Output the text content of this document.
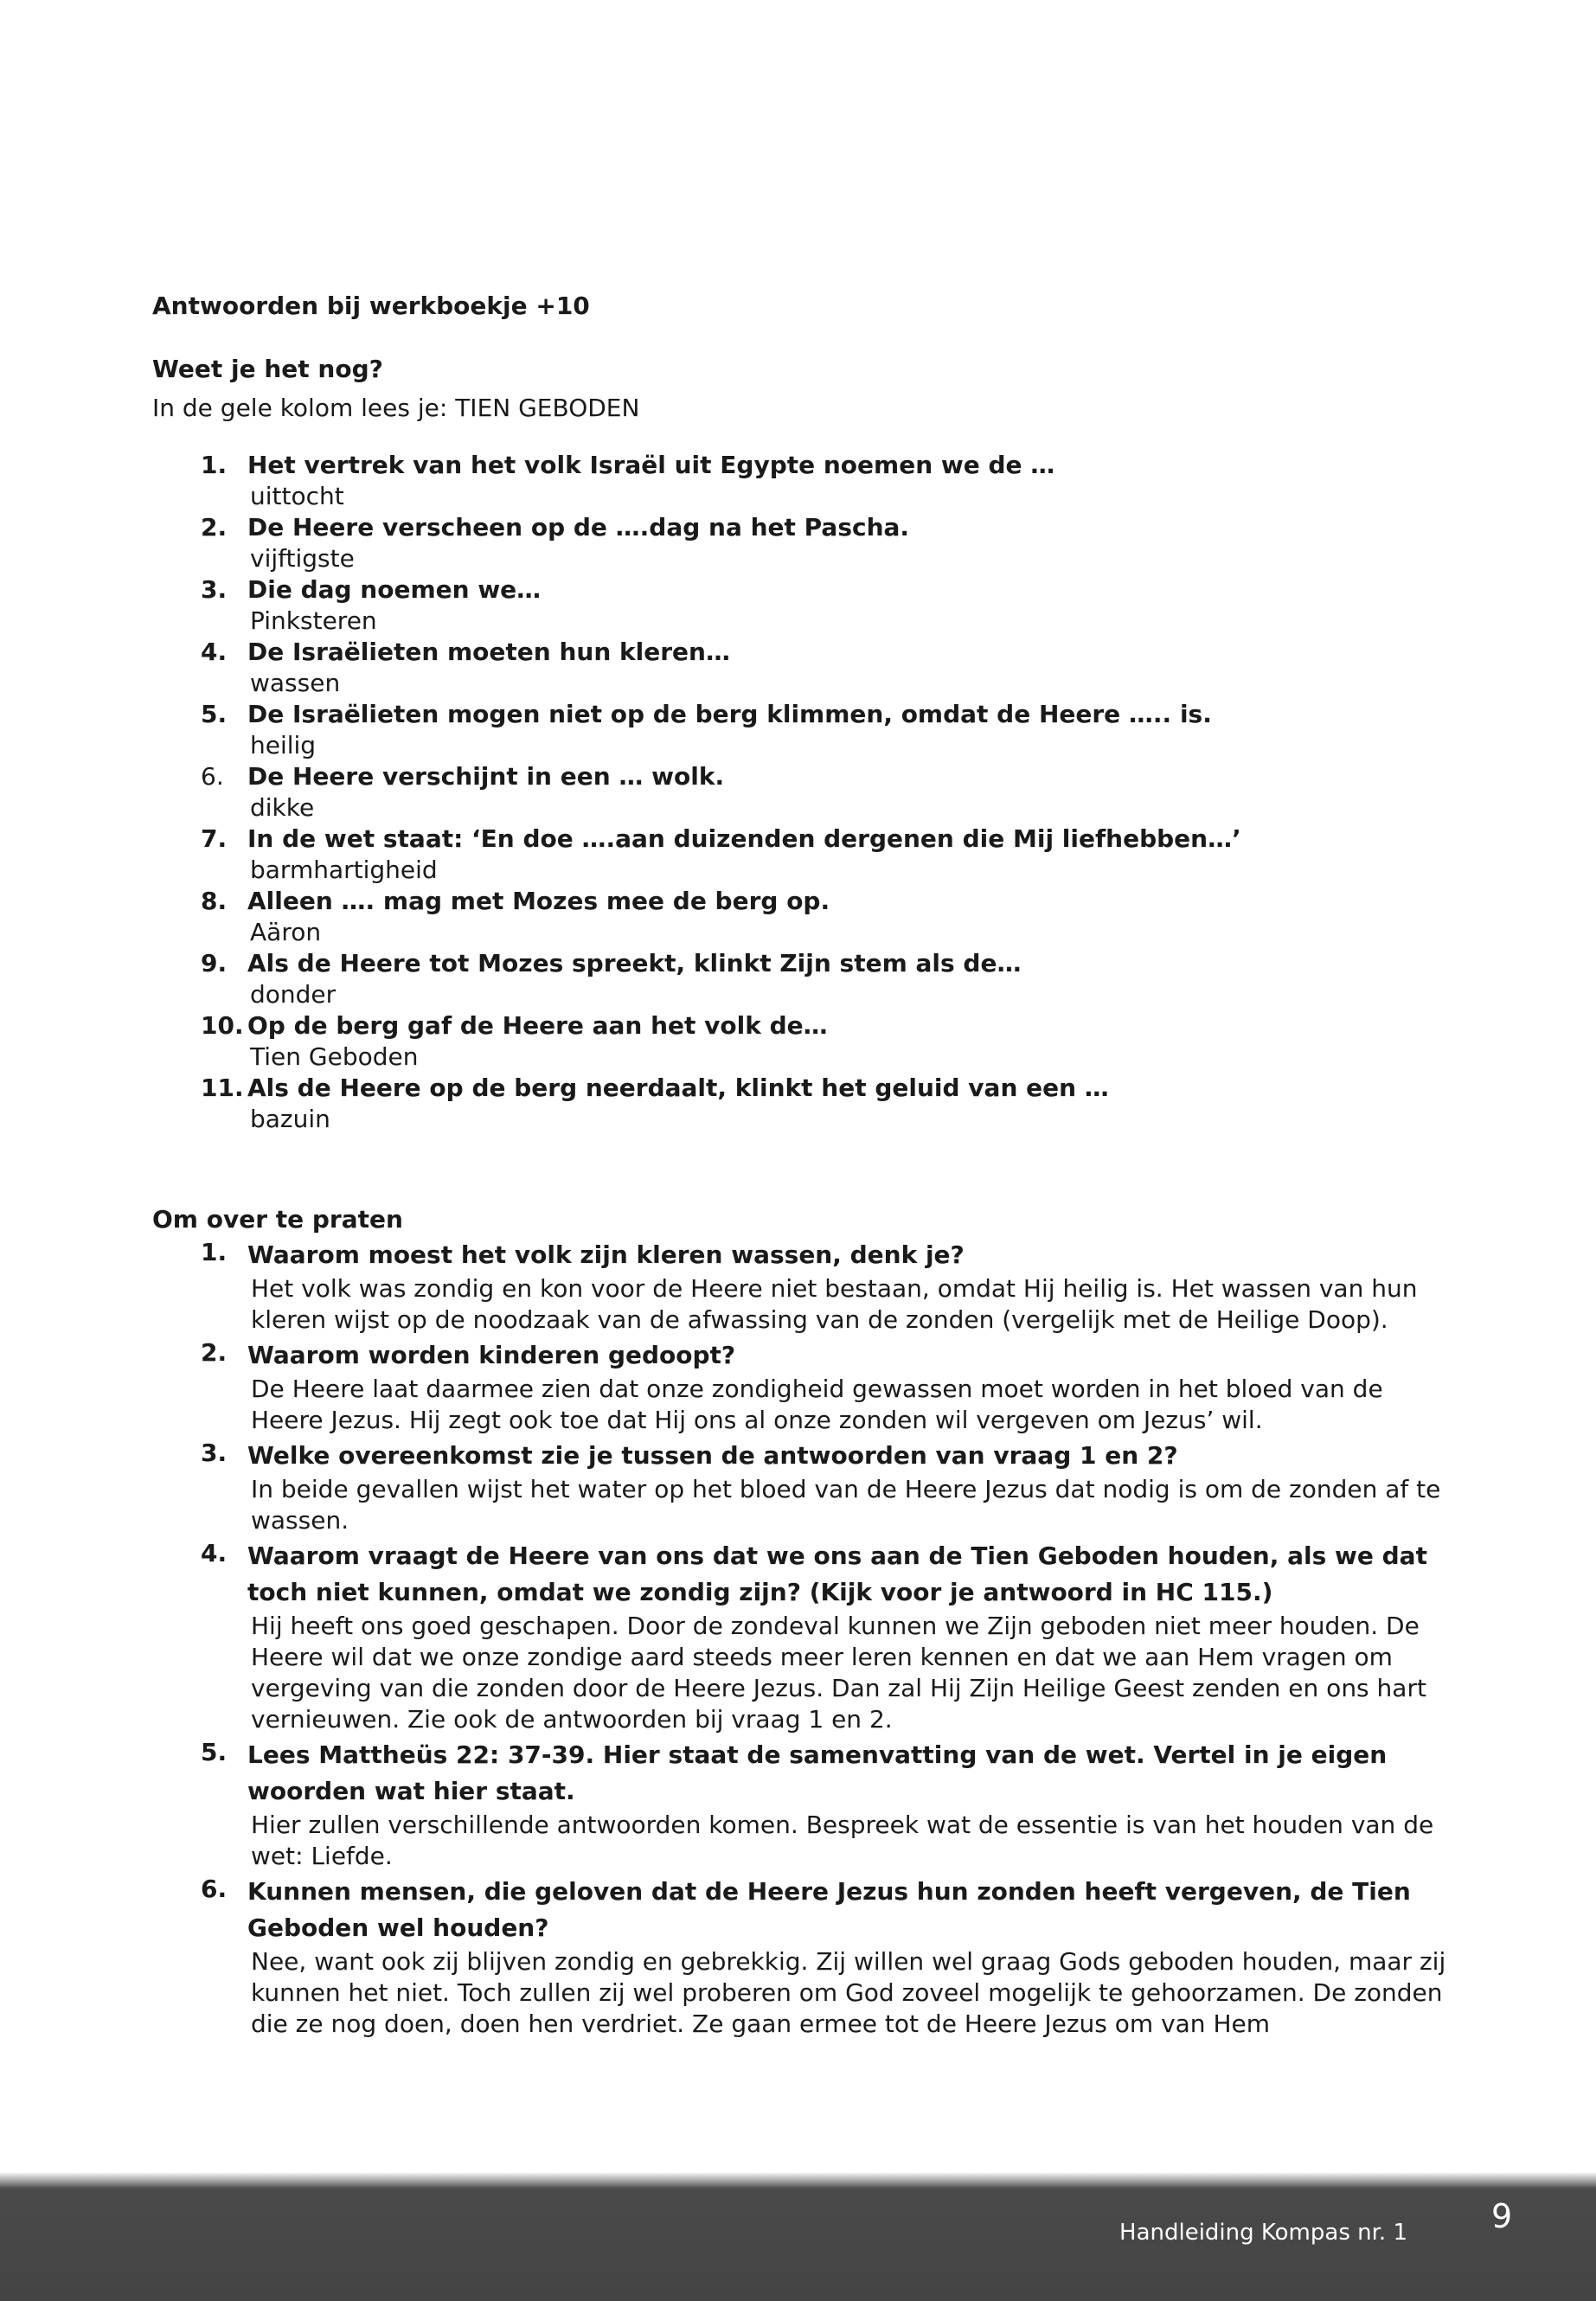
Antwoorden bij werkboekje +10
Weet je het nog?

In de gele kolom lees je: TIEN GEBODEN

1. Het vertrek van het volk Israël uit Egypte noemen we de …
uittocht
2. De Heere verscheen op de ….dag na het Pascha.
vijftigste
3. Die dag noemen we…
Pinksteren
4. De Israëlieten moeten hun kleren…
wassen
5. De Israëlieten mogen niet op de berg klimmen, omdat de Heere ….. is.
heilig
6. De Heere verschijnt in een … wolk.
dikke
7. In de wet staat: ‘En doe ….aan duizenden dergenen die Mij liefhebben…’
barmhartigheid
8. Alleen …. mag met Mozes mee de berg op.
Aäron
9. Als de Heere tot Mozes spreekt, klinkt Zijn stem als de…
donder
10. Op de berg gaf de Heere aan het volk de…
Tien Geboden
11. Als de Heere op de berg neerdaalt, klinkt het geluid van een …
bazuin
Om over te praten
1. Waarom moest het volk zijn kleren wassen, denk je?
Het volk was zondig en kon voor de Heere niet bestaan, omdat Hij heilig is. Het wassen van hun kleren wijst op de noodzaak van de afwassing van de zonden (vergelijk met de Heilige Doop).
2. Waarom worden kinderen gedoopt?
De Heere laat daarmee zien dat onze zondigheid gewassen moet worden in het bloed van de Heere Jezus. Hij zegt ook toe dat Hij ons al onze zonden wil vergeven om Jezus’ wil.
3. Welke overeenkomst zie je tussen de antwoorden van vraag 1 en 2?
In beide gevallen wijst het water op het bloed van de Heere Jezus dat nodig is om de zonden af te wassen.
4. Waarom vraagt de Heere van ons dat we ons aan de Tien Geboden houden, als we dat toch niet kunnen, omdat we zondig zijn? (Kijk voor je antwoord in HC 115.)
Hij heeft ons goed geschapen. Door de zondeval kunnen we Zijn geboden niet meer houden. De Heere wil dat we onze zondige aard steeds meer leren kennen en dat we aan Hem vragen om vergeving van die zonden door de Heere Jezus. Dan zal Hij Zijn Heilige Geest zenden en ons hart vernieuwen. Zie ook de antwoorden bij vraag 1 en 2.
5. Lees Mattheüs 22: 37-39. Hier staat de samenvatting van de wet. Vertel in je eigen woorden wat hier staat.
Hier zullen verschillende antwoorden komen. Bespreek wat de essentie is van het houden van de wet: Liefde.
6. Kunnen mensen, die geloven dat de Heere Jezus hun zonden heeft vergeven, de Tien Geboden wel houden?
Nee, want ook zij blijven zondig en gebrekkig. Zij willen wel graag Gods geboden houden, maar zij kunnen het niet. Toch zullen zij wel proberen om God zoveel mogelijk te gehoorzamen. De zonden die ze nog doen, doen hen verdriet. Ze gaan ermee tot de Heere Jezus om van Hem
Handleiding Kompas nr. 1	9
